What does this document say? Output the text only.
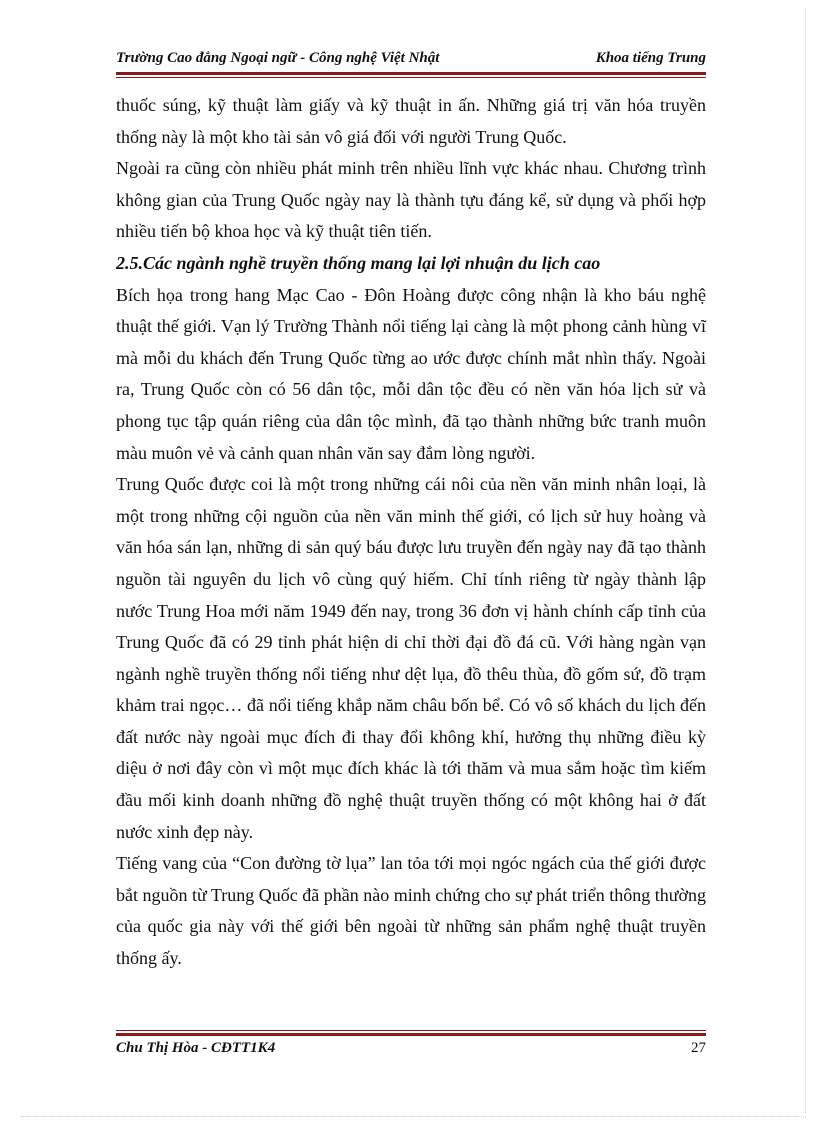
Trường Cao đẳng Ngoại ngữ - Công nghệ Việt Nhật	Khoa tiếng Trung

thuốc súng, kỹ thuật làm giấy và kỹ thuật in ấn. Những giá trị văn hóa truyền thống này là một kho tài sản vô giá đối với người Trung Quốc.

Ngoài ra cũng còn nhiều phát minh trên nhiều lĩnh vực khác nhau. Chương trình không gian của Trung Quốc ngày nay là thành tựu đáng kể, sử dụng và phối hợp nhiều tiến bộ khoa học và kỹ thuật tiên tiến.

2.5.Các ngành nghề truyền thống mang lại lợi nhuận du lịch cao

Bích họa trong hang Mạc Cao - Đôn Hoàng được công nhận là kho báu nghệ thuật thế giới. Vạn lý Trường Thành nổi tiếng lại càng là một phong cảnh hùng vĩ mà mỗi du khách đến Trung Quốc từng ao ước được chính mắt nhìn thấy. Ngoài ra, Trung Quốc còn có 56 dân tộc, mỗi dân tộc đều có nền văn hóa lịch sử và phong tục tập quán riêng của dân tộc mình, đã tạo thành những bức tranh muôn màu muôn vẻ và cảnh quan nhân văn say đắm lòng người.

Trung Quốc được coi là một trong những cái nôi của nền văn minh nhân loại, là một trong những cội nguồn của nền văn minh thế giới, có lịch sử huy hoàng và văn hóa sán lạn, những di sản quý báu được lưu truyền đến ngày nay đã tạo thành nguồn tài nguyên du lịch vô cùng quý hiếm. Chỉ tính riêng từ ngày thành lập nước Trung Hoa mới năm 1949 đến nay, trong 36 đơn vị hành chính cấp tỉnh của Trung Quốc đã có 29 tỉnh phát hiện di chỉ thời đại đồ đá cũ. Với hàng ngàn vạn ngành nghề truyền thống nổi tiếng như dệt lụa, đồ thêu thùa, đồ gốm sứ, đồ trạm khảm trai ngọc… đã nổi tiếng khắp năm châu bốn bể. Có vô số khách du lịch đến đất nước này ngoài mục đích đi thay đổi không khí, hưởng thụ những điều kỳ diệu ở nơi đây còn vì một mục đích khác là tới thăm và mua sắm hoặc tìm kiếm đầu mối kinh doanh những đồ nghệ thuật truyền thống có một không hai ở đất nước xinh đẹp này.

Tiếng vang của “Con đường tờ lụa” lan tỏa tới mọi ngóc ngách của thế giới được bắt nguồn từ Trung Quốc đã phần nào minh chứng cho sự phát triển thông thường của quốc gia này với thế giới bên ngoài từ những sản phẩm nghệ thuật truyền thống ấy.

Chu Thị Hòa - CĐTT1K4	27
